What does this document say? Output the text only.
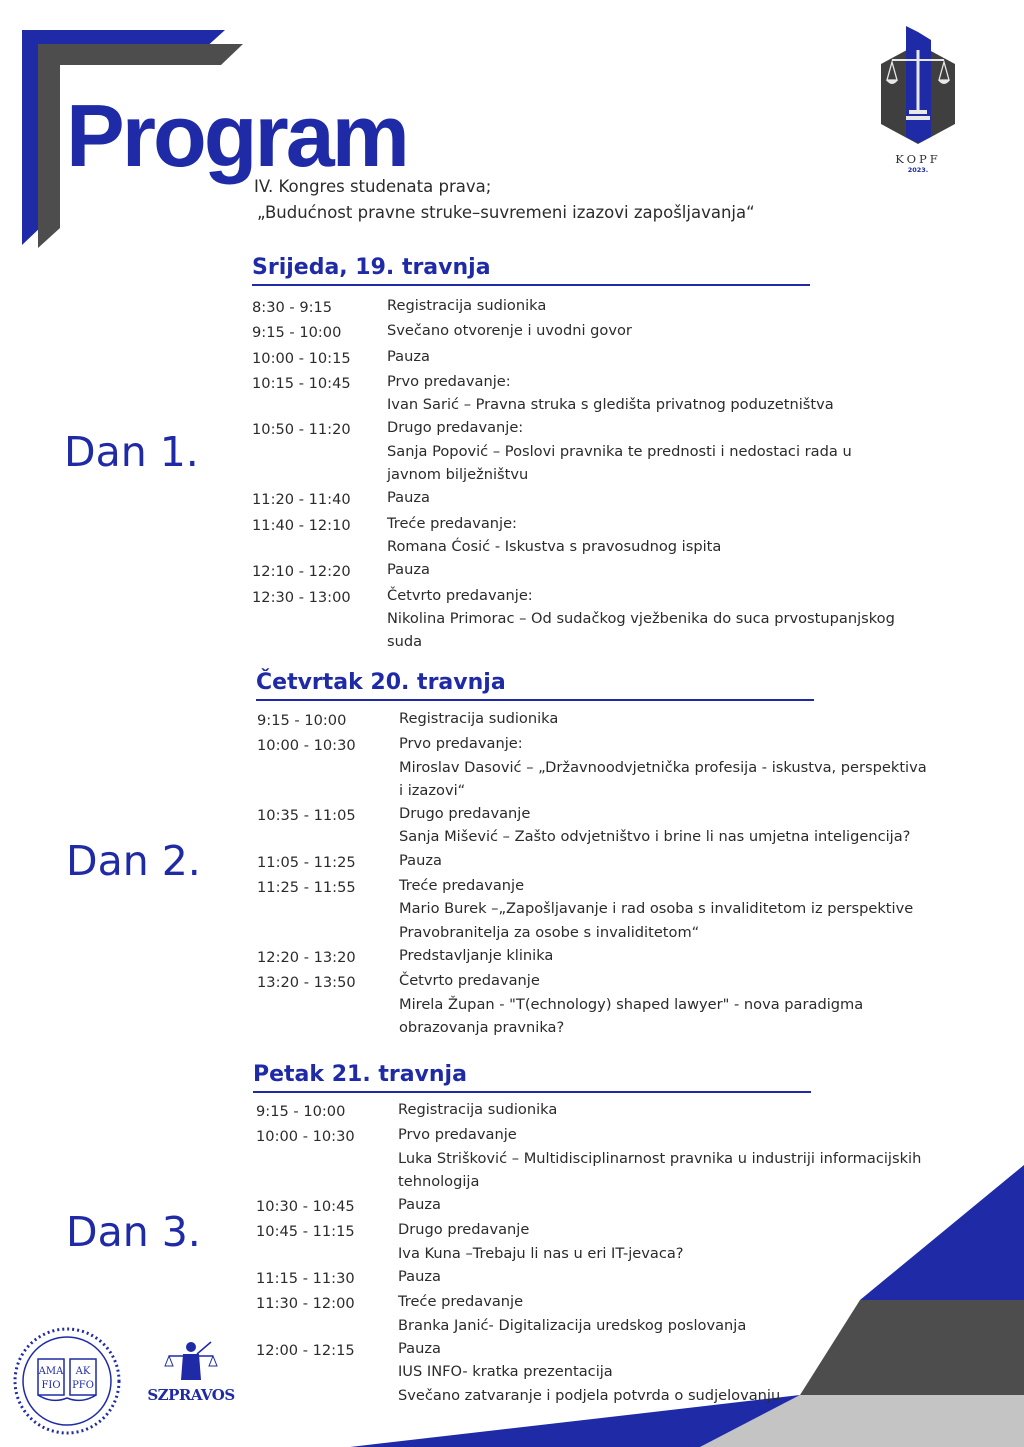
Program
IV. Kongres studenata prava;
„Budućnost pravne struke–suvremeni izazovi zapošljavanja“
KOPF
2023.
Dan 1.
Dan 2.
Dan 3.
Srijeda, 19. travnja
Četvrtak 20. travnja
Petak 21. travnja
8:30 - 9:15	Registracija sudionika
9:15 - 10:00	Svečano otvorenje i uvodni govor
10:00 - 10:15	Pauza
10:15 - 10:45	Prvo predavanje:
Ivan Sarić – Pravna struka s gledišta privatnog poduzetništva
10:50 - 11:20	Drugo predavanje:
Sanja Popović – Poslovi pravnika te prednosti i nedostaci rada u
javnom bilježništvu
11:20 - 11:40	Pauza
11:40 - 12:10	Treće predavanje:
Romana Ćosić - Iskustva s pravosudnog ispita
12:10 - 12:20	Pauza
12:30 - 13:00	Četvrto predavanje:
Nikolina Primorac – Od sudačkog vježbenika do suca prvostupanjskog
suda
9:15 - 10:00	Registracija sudionika
10:00 - 10:30	Prvo predavanje:
Miroslav Dasović – „Državnoodvjetnička profesija - iskustva, perspektiva
i izazovi“
10:35 - 11:05	Drugo predavanje
Sanja Mišević – Zašto odvjetništvo i brine li nas umjetna inteligencija?
11:05 - 11:25	Pauza
11:25 - 11:55	Treće predavanje
Mario Burek –„Zapošljavanje i rad osoba s invaliditetom iz perspektive
Pravobranitelja za osobe s invaliditetom“
12:20 - 13:20	Predstavljanje klinika
13:20 - 13:50	Četvrto predavanje
Mirela Župan - "T(echnology) shaped lawyer" - nova paradigma
obrazovanja pravnika?
9:15 - 10:00	Registracija sudionika
10:00 - 10:30	Prvo predavanje
Luka Strišković – Multidisciplinarnost pravnika u industriji informacijskih
tehnologija
10:30 - 10:45	Pauza
10:45 - 11:15	Drugo predavanje
Iva Kuna –Trebaju li nas u eri IT-jevaca?
11:15 - 11:30	Pauza
11:30 - 12:00	Treće predavanje
Branka Janić- Digitalizacija uredskog poslovanja
12:00 - 12:15	Pauza
IUS INFO- kratka prezentacija
Svečano zatvaranje i podjela potvrda o sudjelovanju
AMA AK
FIO PFO
SZPRAVOS
